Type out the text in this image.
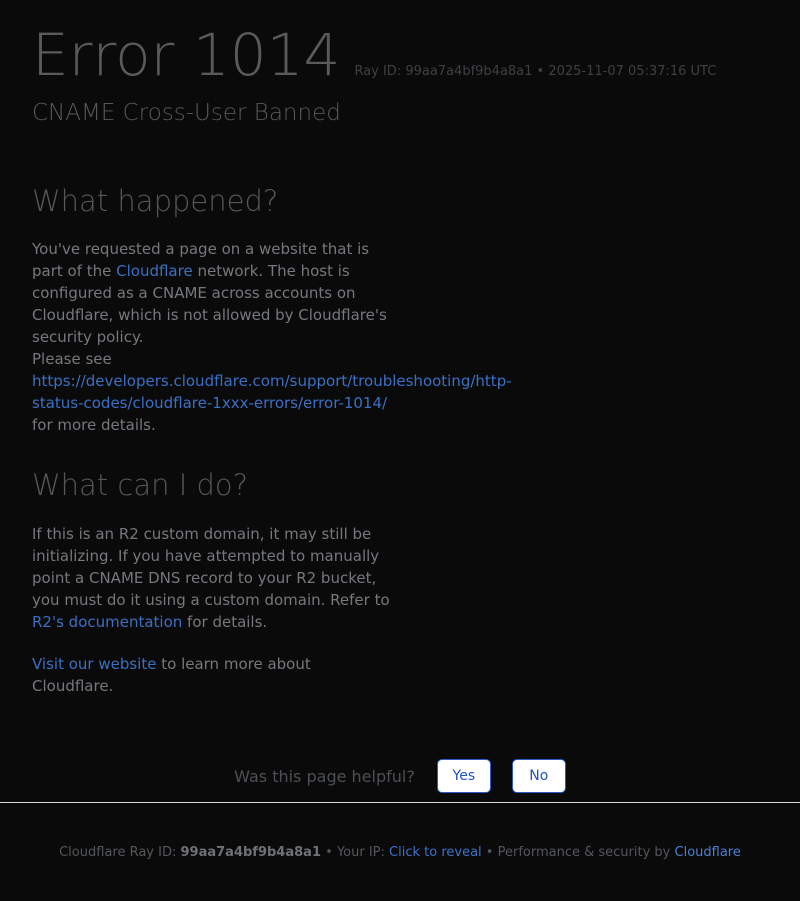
Error 1014 Ray ID: 99aa7a4bf9b4a8a1 • 2025-11-07 05:37:16 UTC
CNAME Cross-User Banned
What happened?

You've requested a page on a website that is part of the Cloudflare network. The host is configured as a CNAME across accounts on Cloudflare, which is not allowed by Cloudflare's security policy.
Please see
https://developers.cloudflare.com/support/troubleshooting/http-status-codes/cloudflare-1xxx-errors/error-1014/
for more details.

What can I do?

If this is an R2 custom domain, it may still be initializing. If you have attempted to manually point a CNAME DNS record to your R2 bucket, you must do it using a custom domain. Refer to R2's documentation for details.

Visit our website to learn more about Cloudflare.

Was this page helpful?	Yes	No

Cloudflare Ray ID: 99aa7a4bf9b4a8a1 • Your IP: Click to reveal • Performance & security by Cloudflare
